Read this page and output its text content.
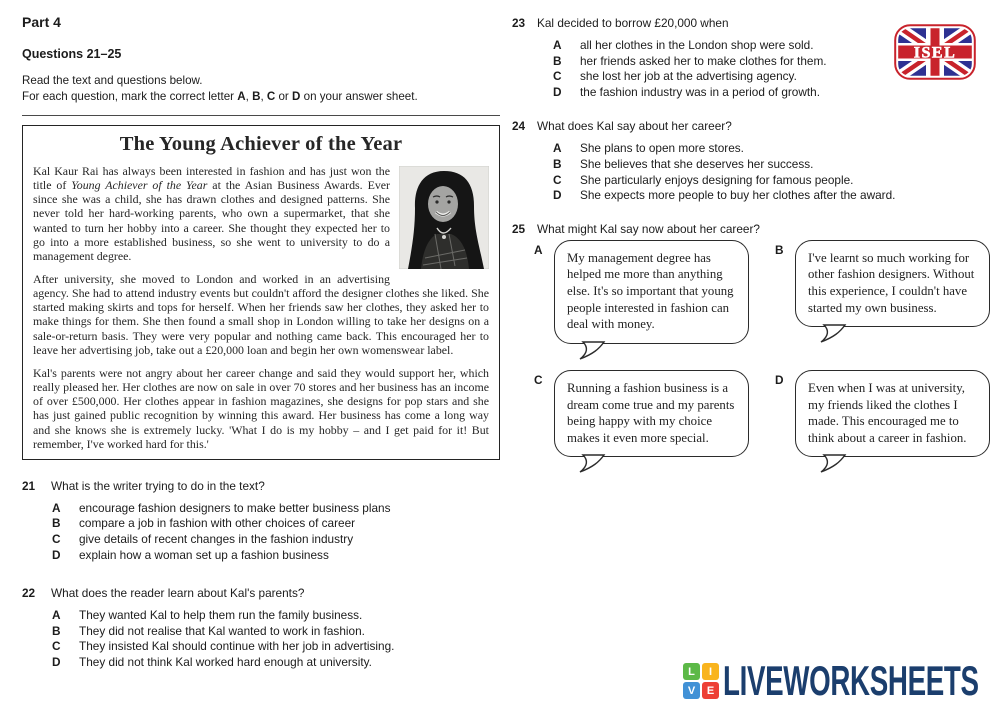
Part 4

Questions 21–25

Read the text and questions below.

For each question, mark the correct letter A, B, C or D on your answer sheet.

The Young Achiever of the Year

Kal Kaur Rai has always been interested in fashion and has just won the title of Young Achiever of the Year at the Asian Business Awards. Ever since she was a child, she has drawn clothes and designed patterns. She never told her hard-working parents, who own a supermarket, that she wanted to turn her hobby into a career. She thought they expected her to go into a more established business, so she went to university to do a management degree.

After university, she moved to London and worked in an advertising agency. She had to attend industry events but couldn't afford the designer clothes she liked. She started making skirts and tops for herself. When her friends saw her clothes, they asked her to make things for them. She then found a small shop in London willing to take her designs on a sale-or-return basis. They were very popular and nothing came back. This encouraged her to leave her advertising job, take out a £20,000 loan and begin her own womenswear label.

Kal's parents were not angry about her career change and said they would support her, which really pleased her. Her clothes are now on sale in over 70 stores and her business has an income of over £500,000. Her clothes appear in fashion magazines, she designs for pop stars and she has just gained public recognition by winning this award. Her business has come a long way and she knows she is extremely lucky. 'What I do is my hobby – and I get paid for it! But remember, I've worked hard for this.'

21	What is the writer trying to do in the text?
A	encourage fashion designers to make better business plans
B	compare a job in fashion with other choices of career
C	give details of recent changes in the fashion industry
D	explain how a woman set up a fashion business
22	What does the reader learn about Kal's parents?
A	They wanted Kal to help them run the family business.
B	They did not realise that Kal wanted to work in fashion.
C	They insisted Kal should continue with her job in advertising.
D	They did not think Kal worked hard enough at university.
23	Kal decided to borrow £20,000 when
A	all her clothes in the London shop were sold.
B	her friends asked her to make clothes for them.
C	she lost her job at the advertising agency.
D	the fashion industry was in a period of growth.
24	What does Kal say about her career?
A	She plans to open more stores.
B	She believes that she deserves her success.
C	She particularly enjoys designing for famous people.
D	She expects more people to buy her clothes after the award.
25	What might Kal say now about her career?
A
My management degree has helped me more than anything else. It's so important that young people interested in fashion can deal with money.
B
I've learnt so much working for other fashion designers. Without this experience, I couldn't have started my own business.
C
Running a fashion business is a dream come true and my parents being happy with my choice makes it even more special.
D
Even when I was at university, my friends liked the clothes I made. This encouraged me to think about a career in fashion.
ISEL
L	I
V	E LIVEWORKSHEETS
